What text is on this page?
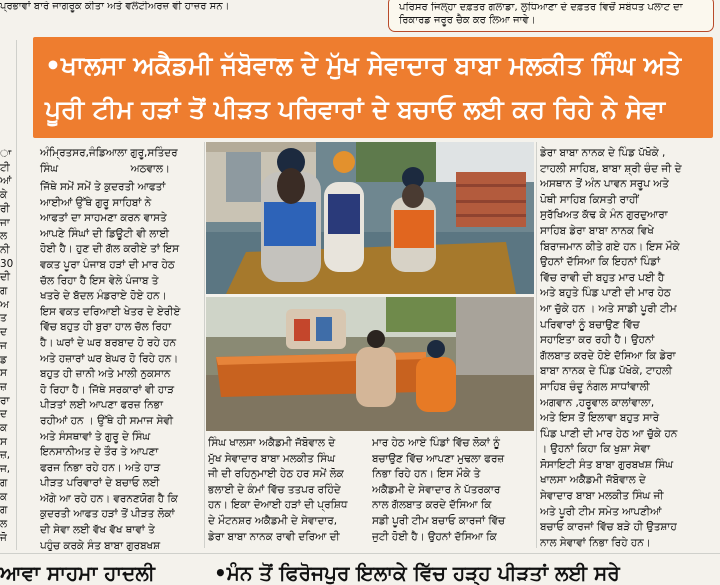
ਪ੍ਰਭਾਵਾਂ ਬਾਰੇ ਜਾਗਰੂਕ ਕੀਤਾ ਅਤੇ ਵਲੰਟੀਅਰਜ਼ ਵੀ ਹਾਜ਼ਰ ਸਨ।	ਪਰਿਸਰ ਜਿਲ੍ਹਾ ਦਫ਼ਤਰ ਗਲਾਡਾ, ਲੁਧਿਆਣਾ ਦੇ ਦਫ਼ਤਰ ਵਿਚੋਂ ਸਬੰਧਤ ਪਲਾਟ ਦਾ
ਰਿਕਾਰਡ ਜਰੂਰ ਚੈਕ ਕਰ ਲਿਆ ਜਾਵੇ।
•ਖਾਲਸਾ ਅਕੈਡਮੀ ਜੱਬੋਵਾਲ ਦੇ ਮੁੱਖ ਸੇਵਾਦਾਰ ਬਾਬਾ ਮਲਕੀਤ ਸਿੰਘ ਅਤੇ
ਪੂਰੀ ਟੀਮ ਹੜਾਂ ਤੋਂ ਪੀੜਤ ਪਰਿਵਾਰਾਂ ਦੇ ਬਚਾਓ ਲਈ ਕਰ ਰਿਹੇ ਨੇ ਸੇਵਾ
ਾ
ਟੀ
ਆਂ
ਕੇ
ਰੀ
ਜਾ
ਲ
ਨੀ
30
ਦੀ
ਗ
ਅ
ਤ
ਦ
ਜ
ਡ
ਸ
ਜ਼
ਰਾ
ਦ
ਕ
ਸ
ਜ਼,
ਜ,
ਗ
ਕ
ਗ
ਲ
ਜੋ
ਅੰਮ੍ਰਿਤਸਰ,ਜੰਡਿਆਲਾ ਗੁਰੂ,ਸਤਿੰਦਰ
ਸਿੰਘ                      ਅਠਵਾਲ।
ਜਿੱਥੇ ਸਮੇਂ ਸਮੇਂ ਤੇ ਕੁਦਰਤੀ ਆਫਤਾਂ
ਆਈਆਂ ਉੱਥੇ ਗੁਰੂ ਸਾਹਿਬਾਂ ਨੇ
ਆਫਤਾਂ ਦਾ ਸਾਹਮਣਾ ਕਰਨ ਵਾਸਤੇ
ਆਪਣੇ ਸਿੰਘਾਂ ਦੀ ਡਿਊਟੀ ਵੀ ਲਾਈ
ਹੋਈ ਹੈ। ਹੁਣ ਦੀ ਗੱਲ ਕਰੀਏ ਤਾਂ ਇਸ
ਵਕਤ ਪੂਰਾ ਪੰਜਾਬ ਹੜਾਂ ਦੀ ਮਾਰ ਹੇਠ
ਚੱਲ ਰਿਹਾ ਹੈ ਇਸ ਵੇਲੇ ਪੰਜਾਬ ਤੇ
ਖਤਰੇ ਦੇ ਬੱਦਲ ਮੰਡਰਾਏ ਹੋਏ ਹਨ।
ਇਸ ਵਕਤ ਦਰਿਆਈ ਖੇਤਰ ਦੇ ਏਰੀਏ
ਵਿੱਚ ਬਹੁਤ ਹੀ ਬੁਰਾ ਹਾਲ ਚੱਲ ਰਿਹਾ
ਹੈ। ਘਰਾਂ ਦੇ ਘਰ ਬਰਬਾਦ ਹੋ ਰਹੇ ਹਨ
ਅਤੇ ਹਜ਼ਾਰਾਂ ਘਰ ਬੇਘਰ ਹੋ ਰਿਹੇ ਹਨ।
ਬਹੁਤ ਹੀ ਜ਼ਾਨੀ ਅਤੇ ਮਾਲੀ ਨੁਕਸਾਨ
ਹੋ ਰਿਹਾ ਹੈ। ਜਿੱਥੇ ਸਰਕਾਰਾਂ ਵੀ ਹਾੜ
ਪੀੜਤਾਂ ਲਈ ਆਪਣਾ ਫਰਜ਼ ਨਿਭਾ
ਰਹੀਆਂ ਹਨ । ਉੱਥੇ ਹੀ ਸਮਾਜ ਸੇਵੀ
ਅਤੇ ਸੰਸਥਾਵਾਂ ਤੇ ਗੁਰੂ ਦੇ ਸਿੰਘ
ਇਨਸਾਨੀਅਤ ਦੇ ਤੌਰ ਤੇ ਆਪਣਾ
ਫਰਜ ਨਿਭਾ ਰਹੇ ਹਨ। ਅਤੇ ਹਾੜ
ਪੀੜਤ ਪਰਿਵਾਰਾਂ ਦੇ ਬਚਾਓ ਲਈ
ਅੱਗੇ ਆ ਰਹੇ ਹਨ। ਵਰਨਣਯੋਗ ਹੈ ਕਿ
ਕੁਦਰਤੀ ਆਫਤ ਹੜਾਂ ਤੋਂ ਪੀੜਤ ਲੋਕਾਂ
ਦੀ ਸੇਵਾ ਲਈ ਵੱਖ ਵੱਖ ਥਾਵਾਂ ਤੇ
ਪਹੁੰਚ ਕਰਕੇ ਸੰਤ ਬਾਬਾ ਗੁਰਬਖਸ਼
ਸਿੰਘ ਖਾਲਸਾ ਅਕੈਡਮੀ ਜੱਬੋਵਾਲ ਦੇ
ਮੁੱਖ ਸੇਵਾਦਾਰ ਬਾਬਾ ਮਲਕੀਤ ਸਿੰਘ
ਜੀ ਦੀ ਰਹਿਨੁਮਾਈ ਹੇਠ ਹਰ ਸਮੇਂ ਲੋਕ
ਭਲਾਈ ਦੇ ਕੰਮਾਂ ਵਿੱਚ ਤਤਪਰ ਰਹਿੰਦੇ
ਹਨ। ਇਕਾ ਦੋਆਈ ਹੜਾਂ ਦੀ ਪ੍ਰਸ਼ਿਧ
ਦੇ ਮੌਟਨਸ਼ਰ ਅਕੈਡਮੀ ਦੇ ਸੇਵਾਦਾਰ,
ਡੇਰਾ ਬਾਬਾ ਨਾਨਕ ਰਾਵੀ ਦਰਿਆ ਦੀ
ਮਾਰ ਹੇਠ ਆਏ ਪਿੰਡਾਂ ਵਿੱਚ ਲੋਕਾਂ ਨੂੰ
ਬਚਾਉਣ ਵਿੱਚ ਆਪਣਾ ਮੁਢਲਾ ਫਰਜ਼
ਨਿਭਾ ਰਿਹੇ ਹਨ। ਇਸ ਮੌਕੇ ਤੇ
ਅਕੈਡਮੀ ਦੇ ਸੇਵਾਦਾਰ ਨੇ ਪੱਤਰਕਾਰ
ਨਾਲ ਗੱਲਬਾਤ ਕਰਦੇ ਦੱਸਿਆ ਕਿ
ਸਡੀ ਪੂਰੀ ਟੀਮ ਬਚਾਓ ਕਾਰਜਾਂ ਵਿੱਚ
ਜੁਟੀ ਹੋਈ ਹੈ। ਉਹਨਾਂ ਦੱਸਿਆ ਕਿ
ਡੇਰਾ ਬਾਬਾ ਨਾਨਕ ਦੇ ਪਿੰਡ ਪੱਖੋਕੇ ,
ਟਾਹਲੀ ਸਾਹਿਬ, ਬਾਬਾ ਸ਼੍ਰੀ ਚੰਦ ਜੀ ਦੇ
ਅਸਥਾਨ ਤੋਂ ਅੰਨ ਪਾਵਨ ਸਰੂਪ ਅਤੇ
ਪੋਥੀ ਸਾਹਿਬ ਕਿਸਤੀ ਰਾਹੀਂ
ਸੁਰੱਖਿਅਤ ਕੱਢ ਕੇ ਮੰਨ ਗੁਰਦੁਆਰਾ
ਸਾਹਿਬ ਡੇਰਾ ਬਾਬਾ ਨਾਨਕ ਵਿਖੇ
ਬਿਰਾਜਮਾਨ ਕੀਤੇ ਗਏ ਹਨ। ਇਸ ਮੌਕੇ
ਉਹਨਾਂ ਦੱਸਿਆ ਕਿ ਇਹਨਾਂ ਪਿੰਡਾਂ
ਵਿੱਚ ਰਾਵੀ ਦੀ ਬਹੁਤ ਮਾਰ ਪਈ ਹੈ
ਅਤੇ ਬਹੁਤੇ ਪਿੰਡ ਪਾਣੀ ਦੀ ਮਾਰ ਹੇਠ
ਆ ਚੁੱਕੇ ਹਨ । ਅਤੇ ਸਾਡੀ ਪੂਰੀ ਟੀਮ
ਪਰਿਵਾਰਾਂ ਨੂੰ ਬਚਾਉਣ ਵਿੱਚ
ਸਹਾਇਤਾ ਕਰ ਰਹੀ ਹੈ। ਉਹਨਾਂ
ਗੱਲਬਾਤ ਕਰਦੇ ਹੋਏ ਦੱਸਿਆ ਕਿ ਡੇਰਾ
ਬਾਬਾ ਨਾਨਕ ਦੇ ਪਿੰਡ ਪੱਖੋਕੇ, ਟਾਹਲੀ
ਸਾਹਿਬ ਚੰਦੂ ਨੰਗਲ ਸਾਧਾਂਵਾਲੀ
ਅਗਵਾਨ ,ਹਰੂਵਾਲ ਕਾਲਾਂਵਾਲਾ,
ਅਤੇ ਇਸ ਤੋਂ ਇਲਾਵਾ ਬਹੁਤ ਸਾਰੇ
ਪਿੰਡ ਪਾਣੀ ਦੀ ਮਾਰ ਹੇਠ ਆ ਚੁੱਕੇ ਹਨ
। ਉਹਨਾਂ ਕਿਹਾ ਕਿ ਖੁਸ਼ਾ ਸੇਵਾ
ਸੋਸਾਇਟੀ ਸੰਤ ਬਾਬਾ ਗੁਰਬਖਸ਼ ਸਿੰਘ
ਖਾਲਸਾ ਅਕੈਡਮੀ ਜੱਬੋਵਾਲ ਦੇ
ਸੇਵਾਦਾਰ ਬਾਬਾ ਮਲਕੀਤ ਸਿੰਘ ਜੀ
ਅਤੇ ਪੂਰੀ ਟੀਮ ਸਮੇਤ ਆਪਣੀਆਂ
ਬਚਾਓ ਕਾਰਜਾਂ ਵਿੱਚ ਬੜੇ ਹੀ ਉਤਸ਼ਾਹ
ਨਾਲ ਸੇਵਾਵਾਂ ਨਿਭਾ ਰਿਹੇ ਹਨ।
ਆਵਾ ਸਾਹਮਾ ਹਾਦਲੀ	•ਮੰਨ ਤੋਂ ਫਿਰੋਜਪੁਰ ਇਲਾਕੇ ਵਿੱਚ ਹੜ੍ਹ ਪੀੜਤਾਂ ਲਈ ਸਰੇ
